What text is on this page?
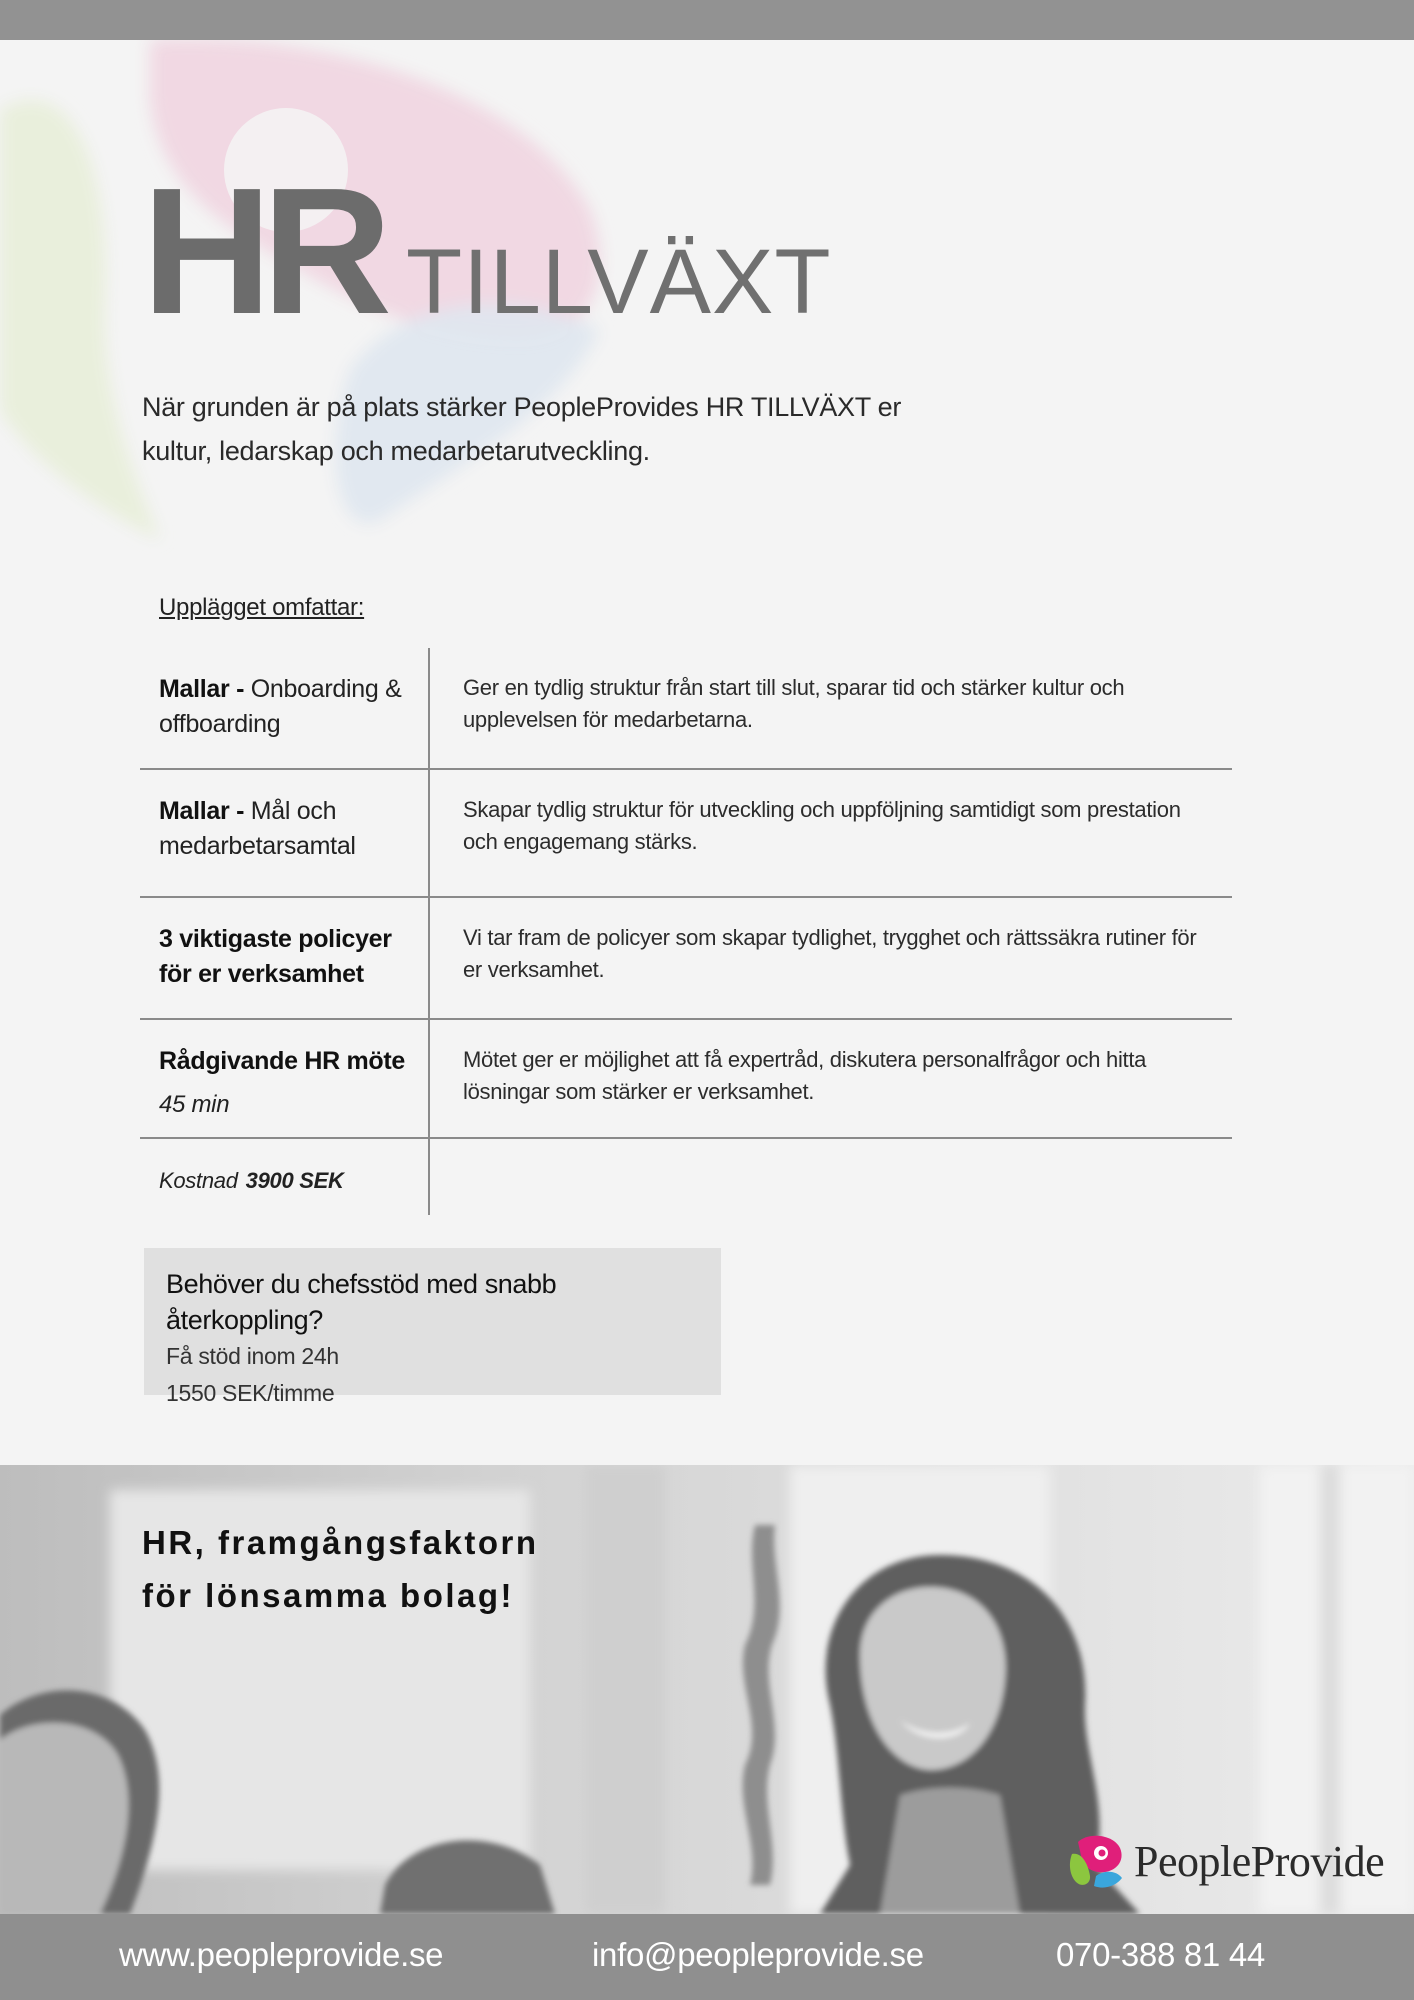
HR TILLVÄXT

När grunden är på plats stärker PeopleProvides HR TILLVÄXT er kultur, ledarskap och medarbetarutveckling.

Upplägget omfattar:
Mallar - Onboarding & offboarding
Ger en tydlig struktur från start till slut, sparar tid och stärker kultur och upplevelsen för medarbetarna.
Mallar - Mål och medarbetarsamtal
Skapar tydlig struktur för utveckling och uppföljning samtidigt som prestation och engagemang stärks.
3 viktigaste policyer för er verksamhet
Vi tar fram de policyer som skapar tydlighet, trygghet och rättssäkra rutiner för er verksamhet.
Rådgivande HR möte
45 min
Mötet ger er möjlighet att få expertråd, diskutera personalfrågor och hitta lösningar som stärker er verksamhet.
Kostnad 3900 SEK
Behöver du chefsstöd med snabb återkoppling?
Få stöd inom 24h
1550 SEK/timme
HR, framgångsfaktorn
för lönsamma bolag!
PeopleProvide
www.peopleprovide.se	info@peopleprovide.se	070-388 81 44
